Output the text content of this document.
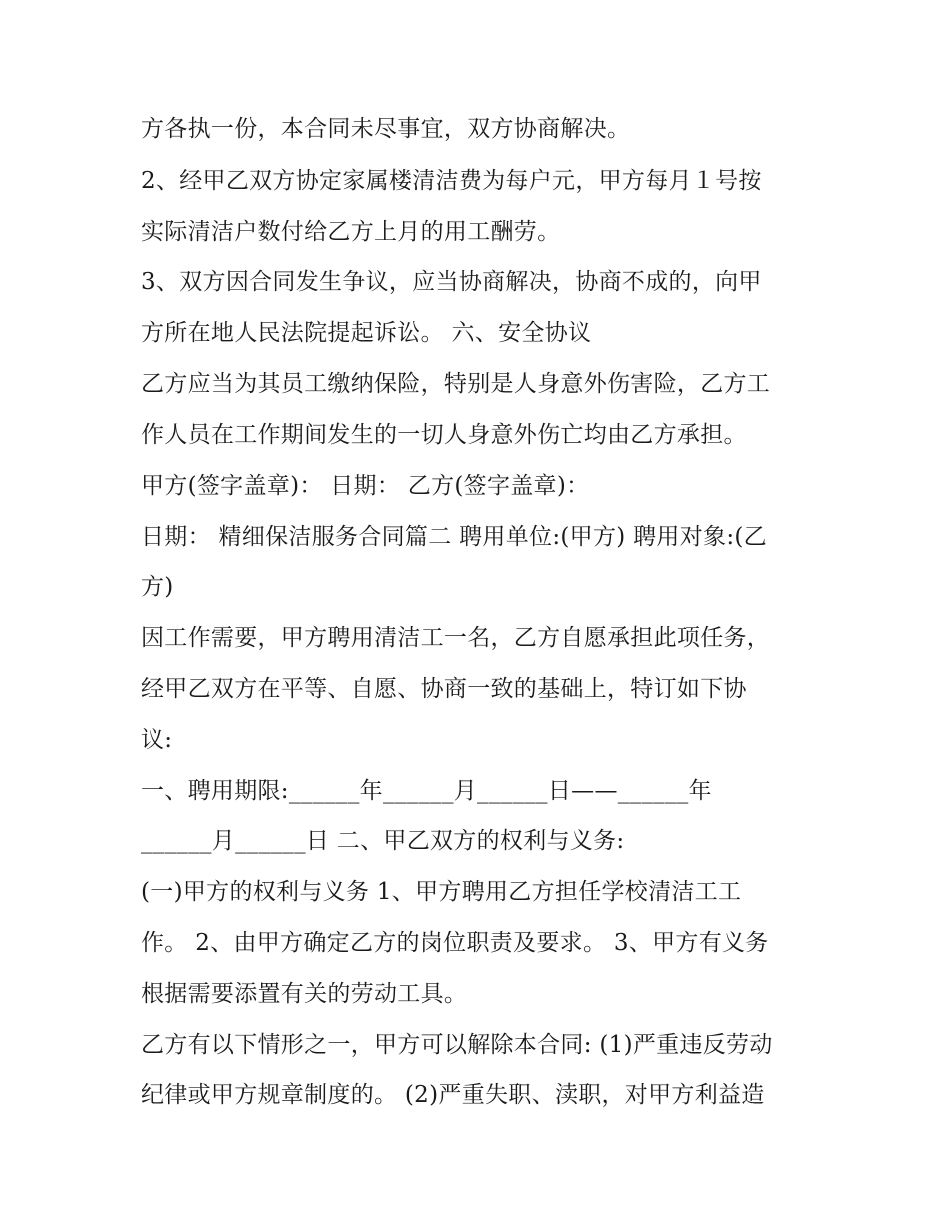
方各执一份，本合同未尽事宜，双方协商解决。
2、经甲乙双方协定家属楼清洁费为每户元，甲方每月１号按
实际清洁户数付给乙方上月的用工酬劳。
3、双方因合同发生争议，应当协商解决，协商不成的，向甲
方所在地人民法院提起诉讼。 六、安全协议
乙方应当为其员工缴纳保险，特别是人身意外伤害险，乙方工
作人员在工作期间发生的一切人身意外伤亡均由乙方承担。
甲方(签字盖章)： 日期： 乙方(签字盖章)：
日期： 精细保洁服务合同篇二 聘用单位:(甲方) 聘用对象:(乙
方)
因工作需要，甲方聘用清洁工一名，乙方自愿承担此项任务，
经甲乙双方在平等、自愿、协商一致的基础上，特订如下协
议:
一、聘用期限:______年______月______日——______年
______月______日 二、甲乙双方的权利与义务:
(一)甲方的权利与义务 1、甲方聘用乙方担任学校清洁工工
作。 2、由甲方确定乙方的岗位职责及要求。 3、甲方有义务
根据需要添置有关的劳动工具。
乙方有以下情形之一，甲方可以解除本合同: (1)严重违反劳动
纪律或甲方规章制度的。 (2)严重失职、渎职，对甲方利益造
